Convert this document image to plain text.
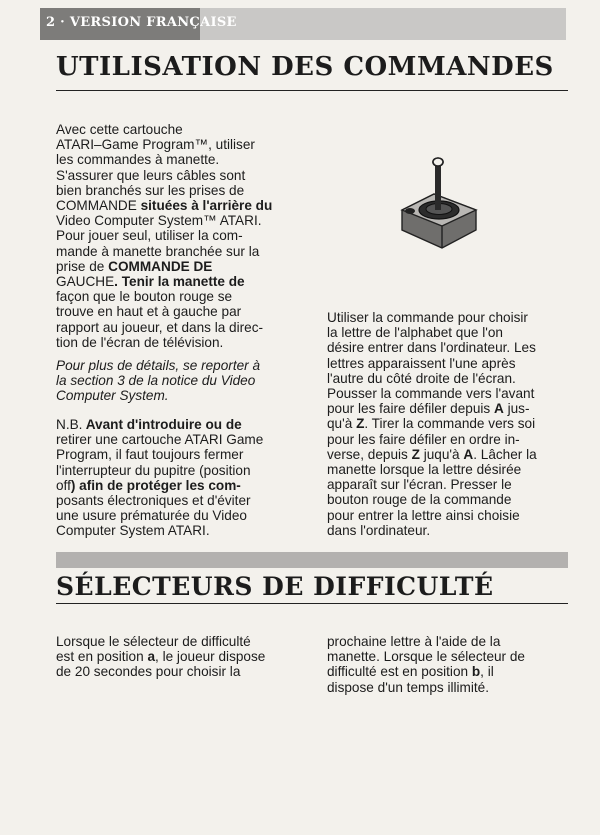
2 · VERSION FRANÇAISE
UTILISATION DES COMMANDES
Avec cette cartouche
ATARI–Game Program™, utiliser
les commandes à manette.
S'assurer que leurs câbles sont
bien branchés sur les prises de
COMMANDE situées à l'arrière du
Video Computer System™ ATARI.
Pour jouer seul, utiliser la com-
mande à manette branchée sur la
prise de COMMANDE DE
GAUCHE. Tenir la manette de
façon que le bouton rouge se
trouve en haut et à gauche par
rapport au joueur, et dans la direc-
tion de l'écran de télévision.
Pour plus de détails, se reporter à
la section 3 de la notice du Video
Computer System.
N.B. Avant d'introduire ou de
retirer une cartouche ATARI Game
Program, il faut toujours fermer
l'interrupteur du pupitre (position
off) afin de protéger les com-
posants électroniques et d'éviter
une usure prématurée du Video
Computer System ATARI.
Utiliser la commande pour choisir
la lettre de l'alphabet que l'on
désire entrer dans l'ordinateur. Les
lettres apparaissent l'une après
l'autre du côté droite de l'écran.
Pousser la commande vers l'avant
pour les faire défiler depuis A jus-
qu'à Z. Tirer la commande vers soi
pour les faire défiler en ordre in-
verse, depuis Z juqu'à A. Lâcher la
manette lorsque la lettre désirée
apparaît sur l'écran. Presser le
bouton rouge de la commande
pour entrer la lettre ainsi choisie
dans l'ordinateur.
SÉLECTEURS DE DIFFICULTÉ
Lorsque le sélecteur de difficulté
est en position a, le joueur dispose
de 20 secondes pour choisir la
prochaine lettre à l'aide de la
manette. Lorsque le sélecteur de
difficulté est en position b, il
dispose d'un temps illimité.
